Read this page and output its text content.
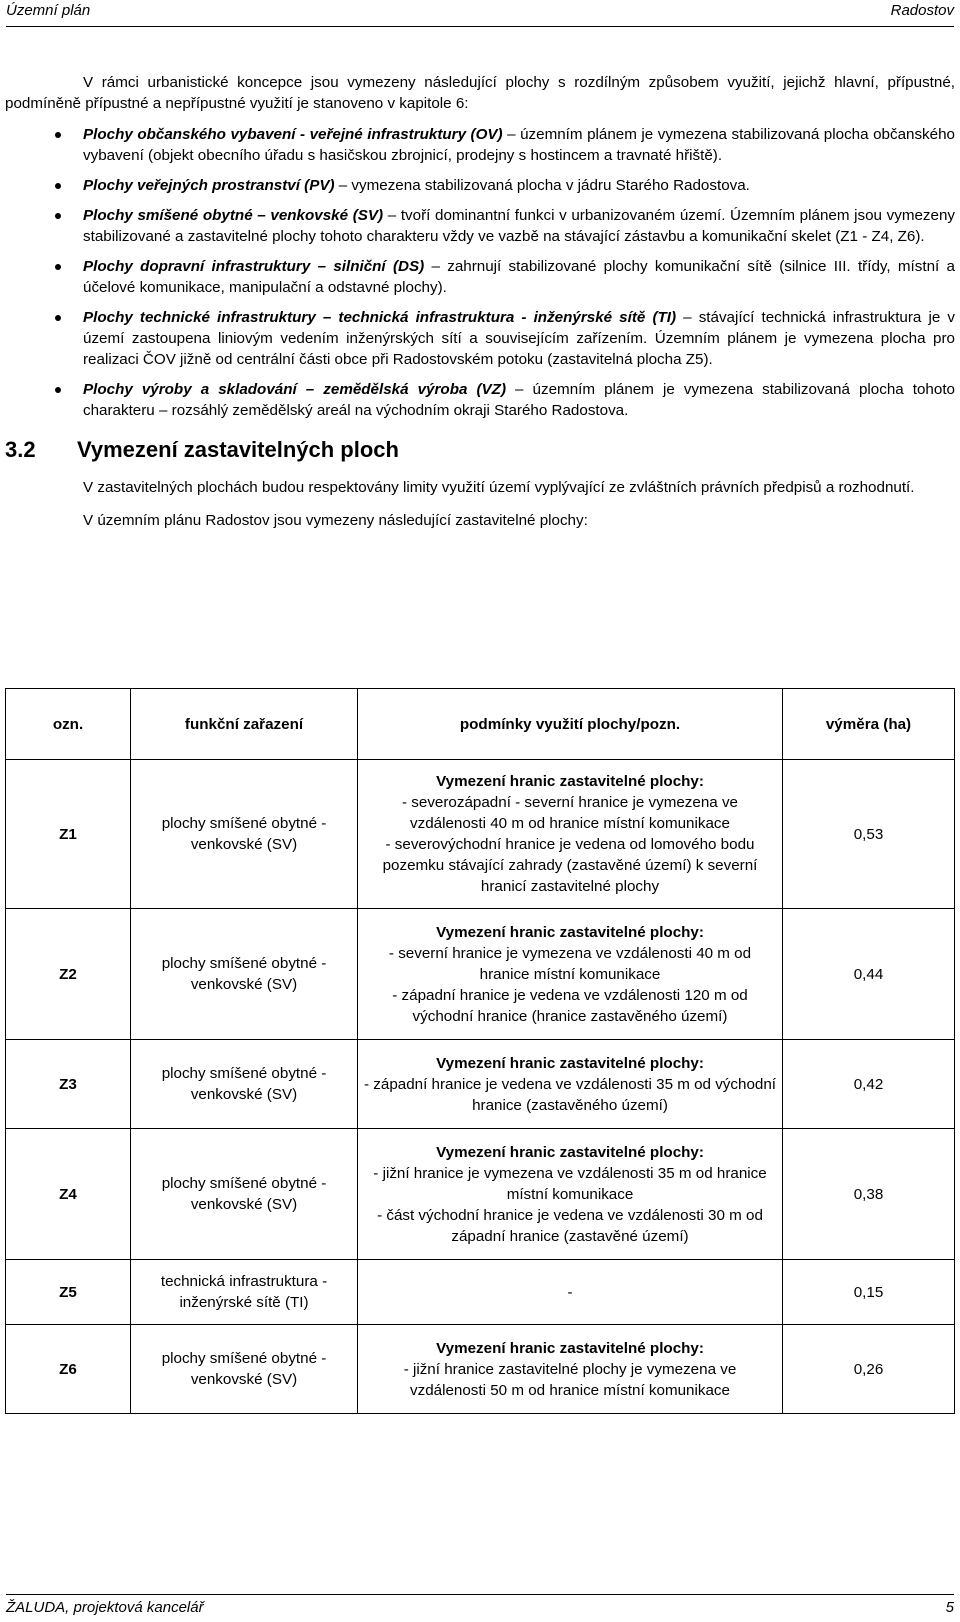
Územní plán	Radostov

V rámci urbanistické koncepce jsou vymezeny následující plochy s rozdílným způsobem využití, jejichž hlavní, přípustné, podmíněně přípustné a nepřípustné využití je stanoveno v kapitole 6:

Plochy občanského vybavení - veřejné infrastruktury (OV) – územním plánem je vymezena stabilizovaná plocha občanského vybavení (objekt obecního úřadu s hasičskou zbrojnicí, prodejny s hostincem a travnaté hřiště).
Plochy veřejných prostranství (PV) – vymezena stabilizovaná plocha v jádru Starého Radostova.
Plochy smíšené obytné – venkovské (SV) – tvoří dominantní funkci v urbanizovaném území. Územním plánem jsou vymezeny stabilizované a zastavitelné plochy tohoto charakteru vždy ve vazbě na stávající zástavbu a komunikační skelet (Z1 - Z4, Z6).
Plochy dopravní infrastruktury – silniční (DS) – zahrnují stabilizované plochy komunikační sítě (silnice III. třídy, místní a účelové komunikace, manipulační a odstavné plochy).
Plochy technické infrastruktury – technická infrastruktura - inženýrské sítě (TI) – stávající technická infrastruktura je v území zastoupena liniovým vedením inženýrských sítí a souvisejícím zařízením. Územním plánem je vymezena plocha pro realizaci ČOV jižně od centrální části obce při Radostovském potoku (zastavitelná plocha Z5).
Plochy výroby a skladování – zemědělská výroba (VZ) – územním plánem je vymezena stabilizovaná plocha tohoto charakteru – rozsáhlý zemědělský areál na východním okraji Starého Radostova.
3.2 Vymezení zastavitelných ploch

V zastavitelných plochách budou respektovány limity využití území vyplývající ze zvláštních právních předpisů a rozhodnutí.

V územním plánu Radostov jsou vymezeny následující zastavitelné plochy:

ozn.	funkční zařazení	podmínky využití plochy/pozn.	výměra (ha)
Z1	plochy smíšené obytné - venkovské (SV)	Vymezení hranic zastavitelné plochy:
- severozápadní - severní hranice je vymezena ve vzdálenosti 40 m od hranice místní komunikace
- severovýchodní hranice je vedena od lomového bodu pozemku stávající zahrady (zastavěné území) k severní hranicí zastavitelné plochy	0,53
Z2	plochy smíšené obytné - venkovské (SV)	Vymezení hranic zastavitelné plochy:
- severní hranice je vymezena ve vzdálenosti 40 m od hranice místní komunikace
- západní hranice je vedena ve vzdálenosti 120 m od východní hranice (hranice zastavěného území)	0,44
Z3	plochy smíšené obytné - venkovské (SV)	Vymezení hranic zastavitelné plochy:
- západní hranice je vedena ve vzdálenosti 35 m od východní hranice (zastavěného území)	0,42
Z4	plochy smíšené obytné - venkovské (SV)	Vymezení hranic zastavitelné plochy:
- jižní hranice je vymezena ve vzdálenosti 35 m od hranice místní komunikace
- část východní hranice je vedena ve vzdálenosti 30 m od západní hranice (zastavěné území)	0,38
Z5	technická infrastruktura - inženýrské sítě (TI)	-	0,15
Z6	plochy smíšené obytné - venkovské (SV)	Vymezení hranic zastavitelné plochy:
- jižní hranice zastavitelné plochy je vymezena ve vzdálenosti 50 m od hranice místní komunikace	0,26
ŽALUDA, projektová kancelář	5
